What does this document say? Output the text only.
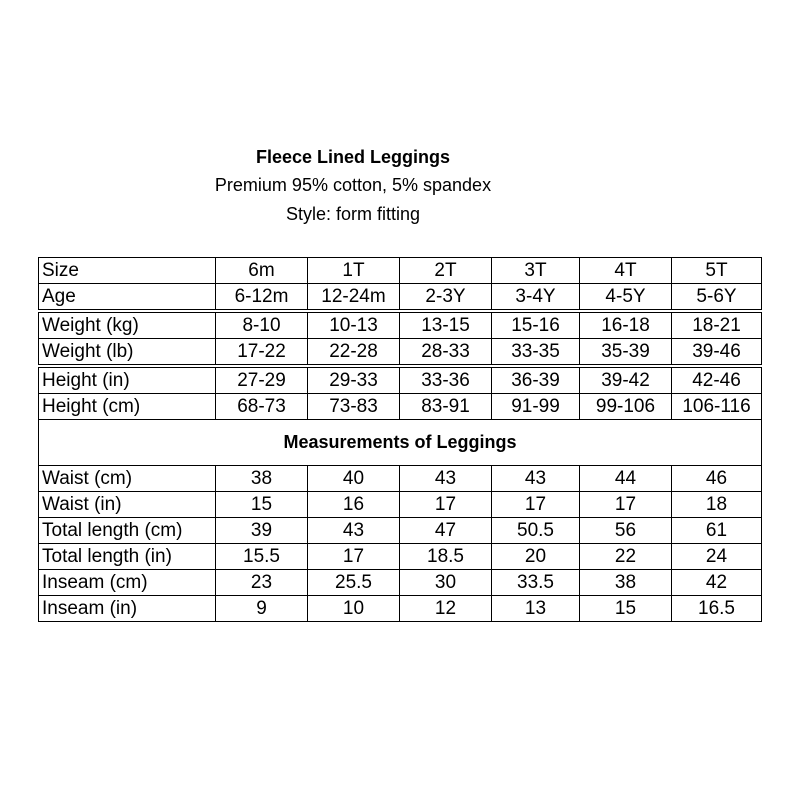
Fleece Lined Leggings
Premium 95% cotton, 5% spandex
Style: form fitting
Size	6m	1T	2T	3T	4T	5T
Age	6-12m	12-24m	2-3Y	3-4Y	4-5Y	5-6Y
Weight (kg)	8-10	10-13	13-15	15-16	16-18	18-21
Weight (lb)	17-22	22-28	28-33	33-35	35-39	39-46
Height (in)	27-29	29-33	33-36	36-39	39-42	42-46
Height (cm)	68-73	73-83	83-91	91-99	99-106	106-116
Measurements of Leggings						
Waist (cm)	38	40	43	43	44	46
Waist (in)	15	16	17	17	17	18
Total length (cm)	39	43	47	50.5	56	61
Total length (in)	15.5	17	18.5	20	22	24
Inseam (cm)	23	25.5	30	33.5	38	42
Inseam (in)	9	10	12	13	15	16.5
